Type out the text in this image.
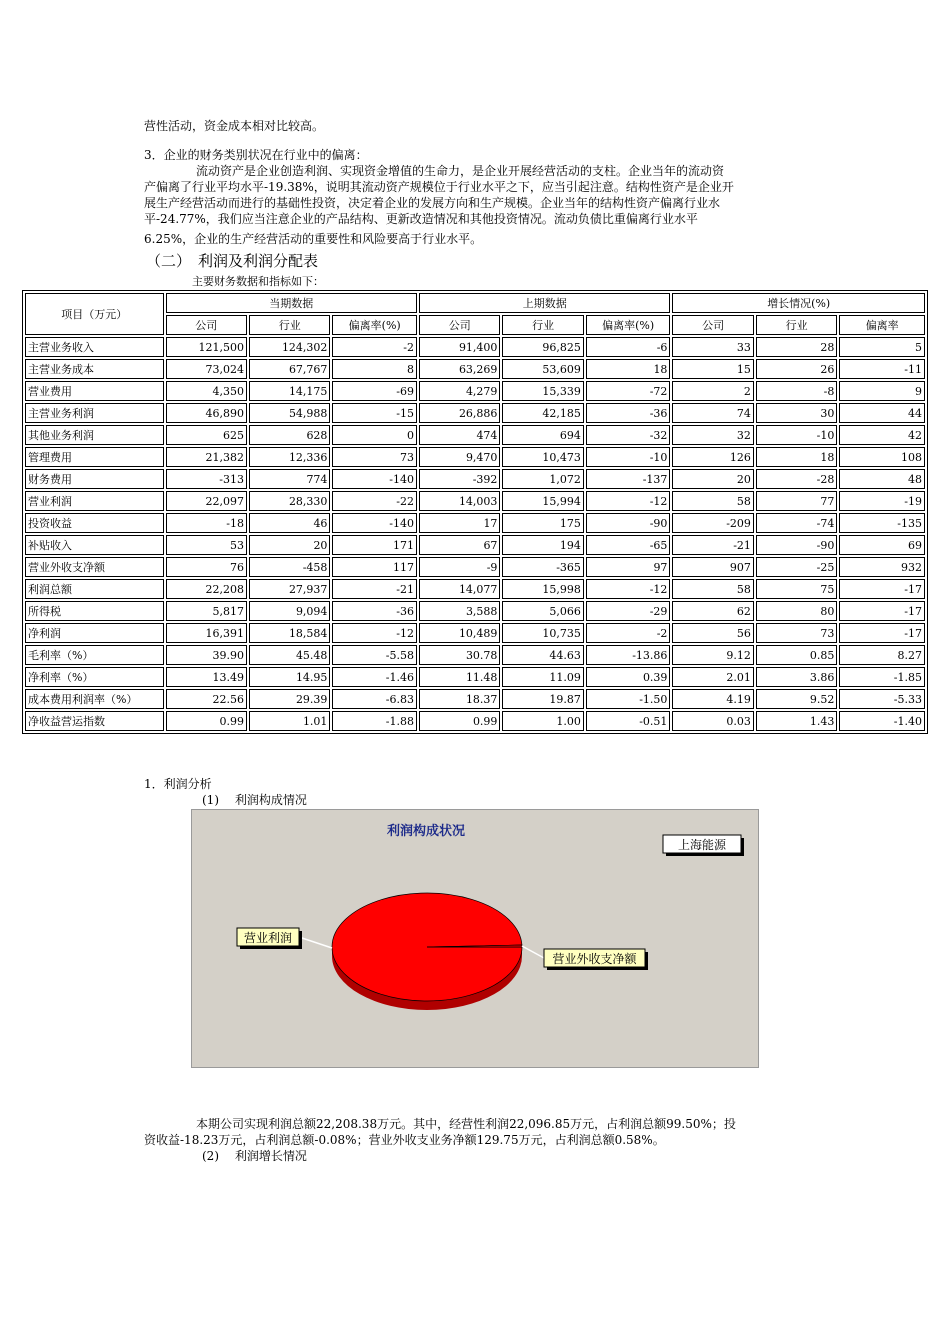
营性活动，资金成本相对比较高。
3．企业的财务类别状况在行业中的偏离：
流动资产是企业创造利润、实现资金增值的生命力，是企业开展经营活动的支柱。企业当年的流动资
产偏离了行业平均水平-19.38%，说明其流动资产规模位于行业水平之下，应当引起注意。结构性资产是企业开
展生产经营活动而进行的基础性投资，决定着企业的发展方向和生产规模。企业当年的结构性资产偏离行业水
平-24.77%，我们应当注意企业的产品结构、更新改造情况和其他投资情况。流动负债比重偏离行业水平
6.25%，企业的生产经营活动的重要性和风险要高于行业水平。
（二） 利润及利润分配表
主要财务数据和指标如下：
项目（万元）	当期数据			上期数据			增长情况(%)		
	公司	行业	偏离率(%)	公司	行业	偏离率(%)	公司	行业	偏离率
主营业务收入	121,500	124,302	-2	91,400	96,825	-6	33	28	5
主营业务成本	73,024	67,767	8	63,269	53,609	18	15	26	-11
营业费用	4,350	14,175	-69	4,279	15,339	-72	2	-8	9
主营业务利润	46,890	54,988	-15	26,886	42,185	-36	74	30	44
其他业务利润	625	628	0	474	694	-32	32	-10	42
管理费用	21,382	12,336	73	9,470	10,473	-10	126	18	108
财务费用	-313	774	-140	-392	1,072	-137	20	-28	48
营业利润	22,097	28,330	-22	14,003	15,994	-12	58	77	-19
投资收益	-18	46	-140	17	175	-90	-209	-74	-135
补贴收入	53	20	171	67	194	-65	-21	-90	69
营业外收支净额	76	-458	117	-9	-365	97	907	-25	932
利润总额	22,208	27,937	-21	14,077	15,998	-12	58	75	-17
所得税	5,817	9,094	-36	3,588	5,066	-29	62	80	-17
净利润	16,391	18,584	-12	10,489	10,735	-2	56	73	-17
毛利率（%）	39.90	45.48	-5.58	30.78	44.63	-13.86	9.12	0.85	8.27
净利率（%）	13.49	14.95	-1.46	11.48	11.09	0.39	2.01	3.86	-1.85
成本费用利润率（%）	22.56	29.39	-6.83	18.37	19.87	-1.50	4.19	9.52	-5.33
净收益营运指数	0.99	1.01	-1.88	0.99	1.00	-0.51	0.03	1.43	-1.40
1．利润分析
(1)　 利润构成情况
利润构成状况
上海能源
营业利润
营业外收支净额
本期公司实现利润总额22,208.38万元。其中，经营性利润22,096.85万元，占利润总额99.50%；投
资收益-18.23万元，占利润总额-0.08%；营业外收支业务净额129.75万元，占利润总额0.58%。
(2)　 利润增长情况
